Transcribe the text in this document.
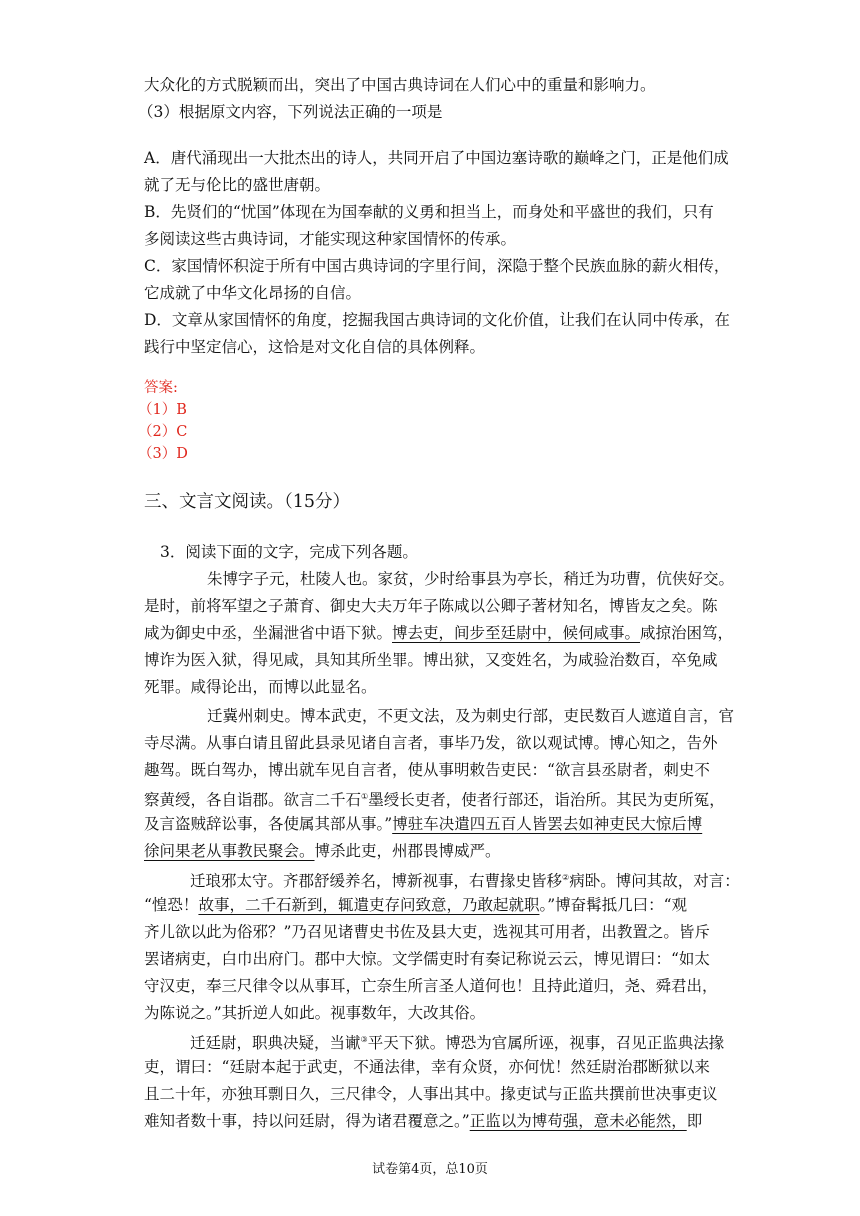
大众化的方式脱颖而出，突出了中国古典诗词在人们心中的重量和影响力。
（3）根据原文内容，下列说法正确的一项是
A．唐代涌现出一大批杰出的诗人，共同开启了中国边塞诗歌的巅峰之门，正是他们成
就了无与伦比的盛世唐朝。
B．先贤们的“忧国”体现在为国奉献的义勇和担当上，而身处和平盛世的我们，只有
多阅读这些古典诗词，才能实现这种家国情怀的传承。
C．家国情怀积淀于所有中国古典诗词的字里行间，深隐于整个民族血脉的薪火相传，
它成就了中华文化昂扬的自信。
D．文章从家国情怀的角度，挖掘我国古典诗词的文化价值，让我们在认同中传承，在
践行中坚定信心，这恰是对文化自信的具体例释。
答案:
（1）B
（2）C
（3）D
三、文言文阅读。（15分）
3．阅读下面的文字，完成下列各题。
朱博字子元，杜陵人也。家贫，少时给事县为亭长，稍迁为功曹，伉侠好交。
是时，前将军望之子萧育、御史大夫万年子陈咸以公卿子著材知名，博皆友之矣。陈
咸为御史中丞，坐漏泄省中语下狱。博去吏，间步至廷尉中，候伺咸事。咸掠治困笃，
博诈为医入狱，得见咸，具知其所坐罪。博出狱，又变姓名，为咸验治数百，卒免咸
死罪。咸得论出，而博以此显名。
迁冀州刺史。博本武吏，不更文法，及为刺史行部，吏民数百人遮道自言，官
寺尽满。从事白请且留此县录见诸自言者，事毕乃发，欲以观试博。博心知之，告外
趣驾。既白驾办，博出就车见自言者，使从事明敕告吏民：“欲言县丞尉者，刺史不
察黄绶，各自诣郡。欲言二千石①墨绶长吏者，使者行部还，诣治所。其民为吏所冤，
及言盗贼辞讼事，各使属其部从事。”博驻车决遣四五百人皆罢去如神吏民大惊后博
徐问果老从事教民聚会。博杀此吏，州郡畏博威严。
迁琅邪太守。齐郡舒缓养名，博新视事，右曹掾史皆移②病卧。博问其故，对言：
“惶恐！故事，二千石新到，辄遣吏存问致意，乃敢起就职。”博奋髯抵几曰：“观
齐儿欲以此为俗邪？”乃召见诸曹史书佐及县大吏，选视其可用者，出教置之。皆斥
罢诸病吏，白巾出府门。郡中大惊。文学儒吏时有奏记称说云云，博见谓曰：“如太
守汉吏，奉三尺律令以从事耳，亡奈生所言圣人道何也！且持此道归，尧、舜君出，
为陈说之。”其折逆人如此。视事数年，大改其俗。
迁廷尉，职典决疑，当谳③平天下狱。博恐为官属所诬，视事，召见正监典法掾
吏，谓曰：“廷尉本起于武吏，不通法律，幸有众贤，亦何忧！然廷尉治郡断狱以来
且二十年，亦独耳剽日久，三尺律令，人事出其中。掾吏试与正监共撰前世决事吏议
难知者数十事，持以问廷尉，得为诸君覆意之。”正监以为博苟强，意未必能然，即
试卷第4页，总10页
